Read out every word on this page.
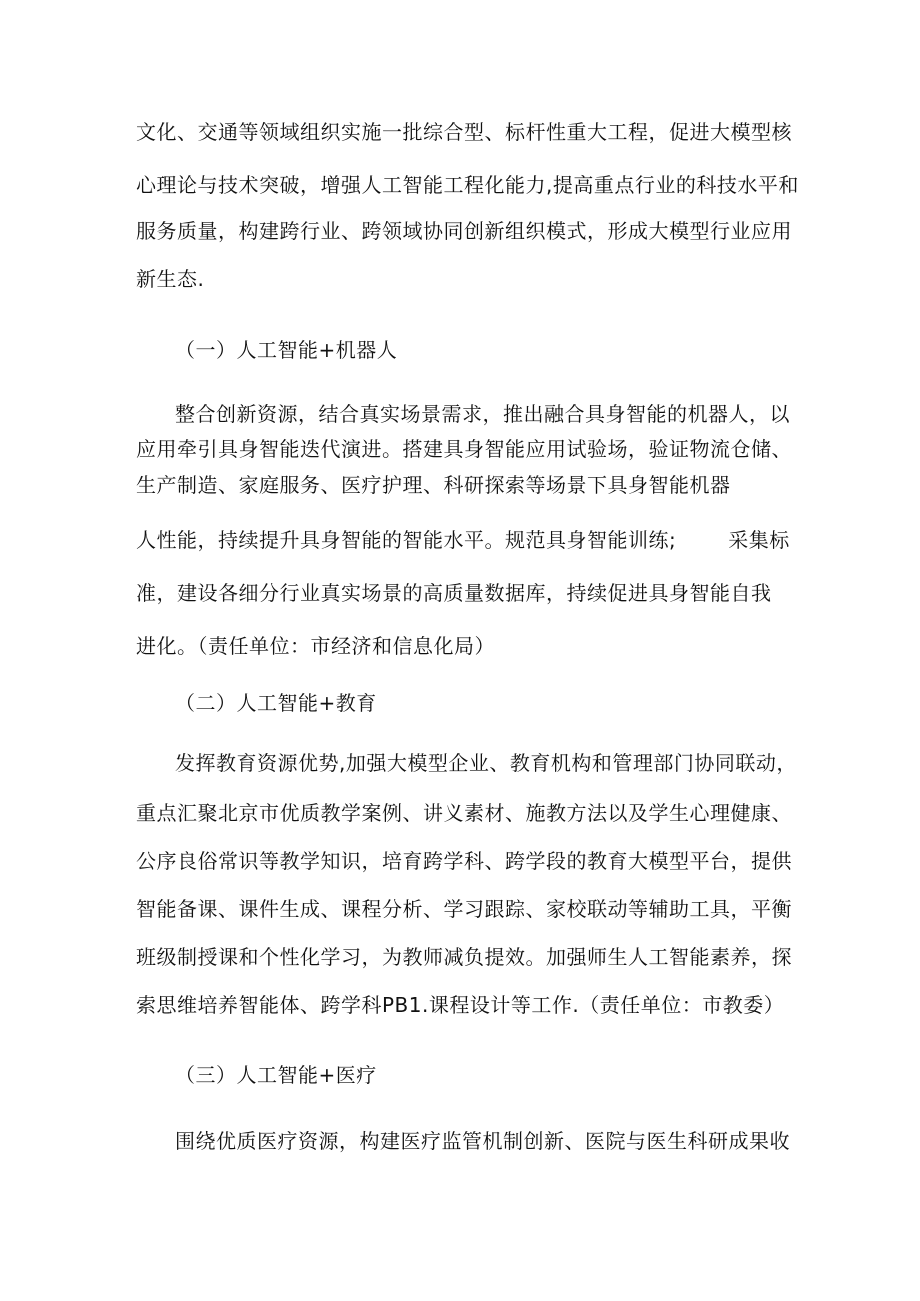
文化、交通等领域组织实施一批综合型、标杆性重大工程，促进大模型核
心理论与技术突破，增强人工智能工程化能力,提高重点行业的科技水平和
服务质量，构建跨行业、跨领域协同创新组织模式，形成大模型行业应用
新生态.
（一）人工智能+机器人
整合创新资源，结合真实场景需求，推出融合具身智能的机器人，以
应用牵引具身智能迭代演进。搭建具身智能应用试验场，验证物流仓储、
生产制造、家庭服务、医疗护理、科研探索等场景下具身智能机器
人性能，持续提升具身智能的智能水平。规范具身智能训练;	采集标
准，建设各细分行业真实场景的高质量数据库，持续促进具身智能自我
进化。（责任单位：市经济和信息化局）
（二）人工智能+教育
发挥教育资源优势,加强大模型企业、教育机构和管理部门协同联动，
重点汇聚北京市优质教学案例、讲义素材、施教方法以及学生心理健康、
公序良俗常识等教学知识，培育跨学科、跨学段的教育大模型平台，提供
智能备课、课件生成、课程分析、学习跟踪、家校联动等辅助工具，平衡
班级制授课和个性化学习，为教师减负提效。加强师生人工智能素养，探
索思维培养智能体、跨学科PB1.课程设计等工作.（责任单位：市教委）
（三）人工智能+医疗
围绕优质医疗资源，构建医疗监管机制创新、医院与医生科研成果收
